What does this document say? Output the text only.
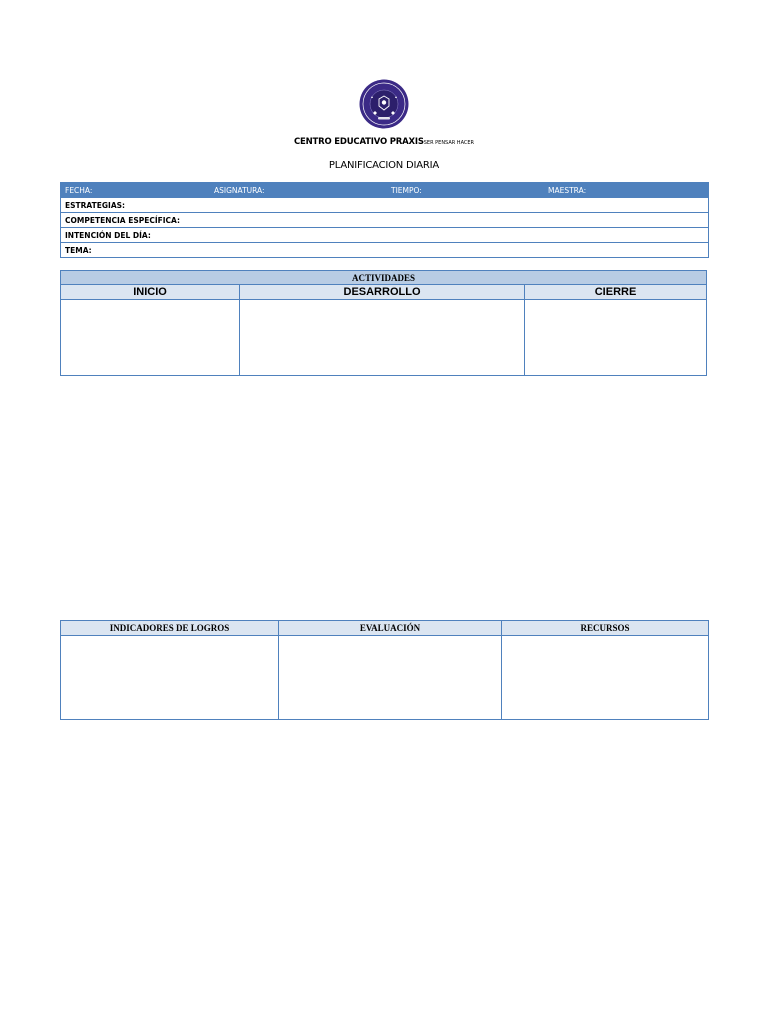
CENTRO EDUCATIVO PRAXISSER PENSAR HACER
PLANIFICACION DIARIA
FECHA:	ASIGNATURA:	TIEMPO:	MAESTRA:
ESTRATEGIAS:
COMPETENCIA ESPECÍFICA:
INTENCIÓN DEL DÍA:
TEMA:
ACTIVIDADES		
INICIO	DESARROLLO	CIERRE

INDICADORES DE LOGROS	EVALUACIÓN	RECURSOS
